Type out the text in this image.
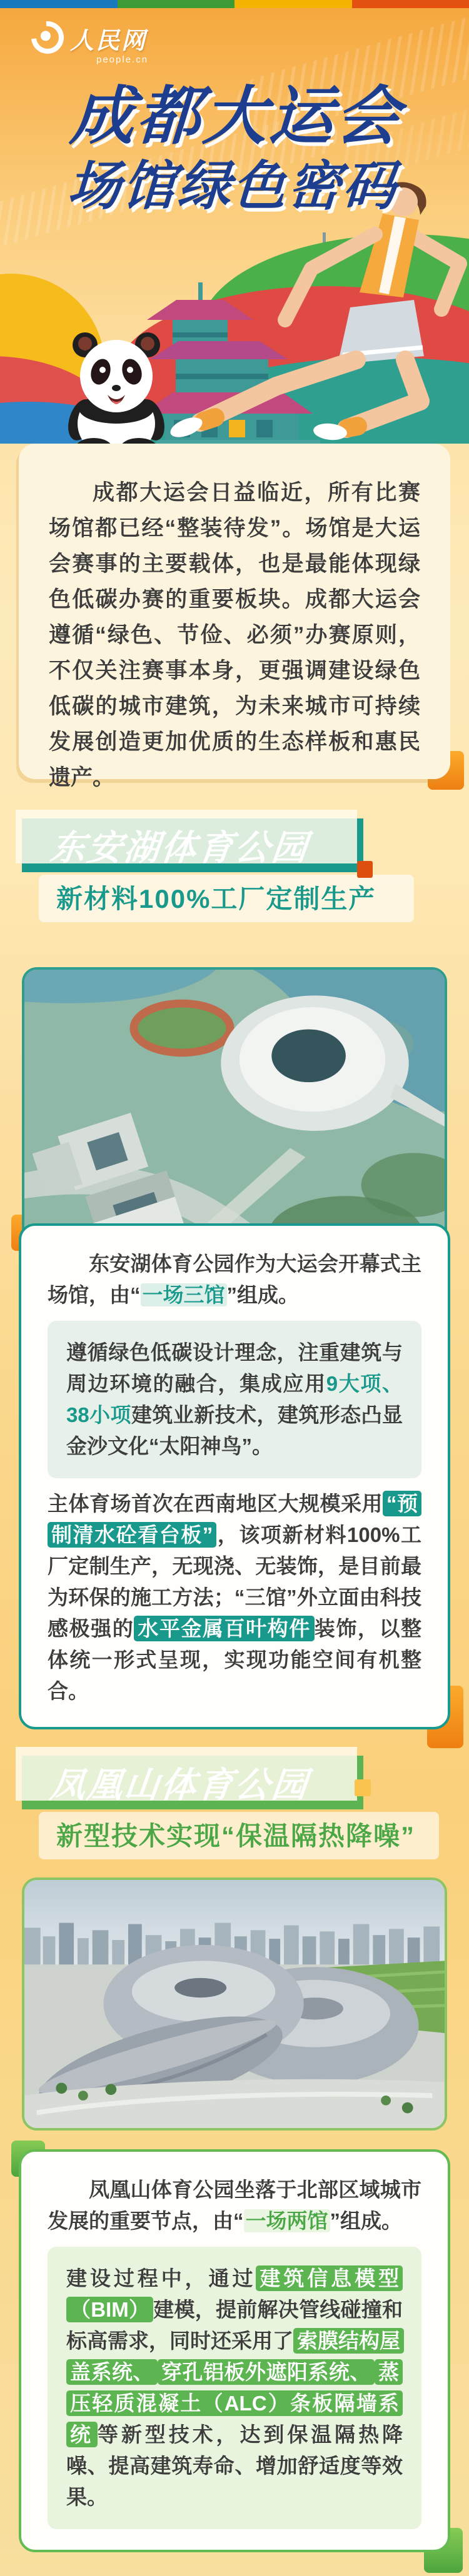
人民网
people.cn
成都大运会
场馆绿色密码

成都大运会日益临近，所有比赛场馆都已经“整装待发”。场馆是大运会赛事的主要载体，也是最能体现绿色低碳办赛的重要板块。成都大运会遵循“绿色、节俭、必须”办赛原则，不仅关注赛事本身，更强调建设绿色低碳的城市建筑，为未来城市可持续发展创造更加优质的生态样板和惠民遗产。

东安湖体育公园
新材料100%工厂定制生产

东安湖体育公园作为大运会开幕式主场馆，由“一场三馆”组成。

遵循绿色低碳设计理念，注重建筑与周边环境的融合，集成应用9大项、38小项建筑业新技术，建筑形态凸显金沙文化“太阳神鸟”。

主体育场首次在西南地区大规模采用 “预制清水砼看台板” ，该项新材料100%工厂定制生产，无现浇、无装饰，是目前最为环保的施工方法；“三馆”外立面由科技感极强的 水平金属百叶构件 装饰，以整体统一形式呈现，实现功能空间有机整合。

凤凰山体育公园
新型技术实现“保温隔热降噪”

凤凰山体育公园坐落于北部区域城市发展的重要节点，由“一场两馆”组成。

建设过程中，通过 建筑信息模型（BIM） 建模，提前解决管线碰撞和标高需求，同时还采用了 索膜结构屋盖系统、 穿孔铝板外遮阳系统、 蒸压轻质混凝土（ALC）条板隔墙系统 等新型技术，达到保温隔热降噪、提高建筑寿命、增加舒适度等效果。
